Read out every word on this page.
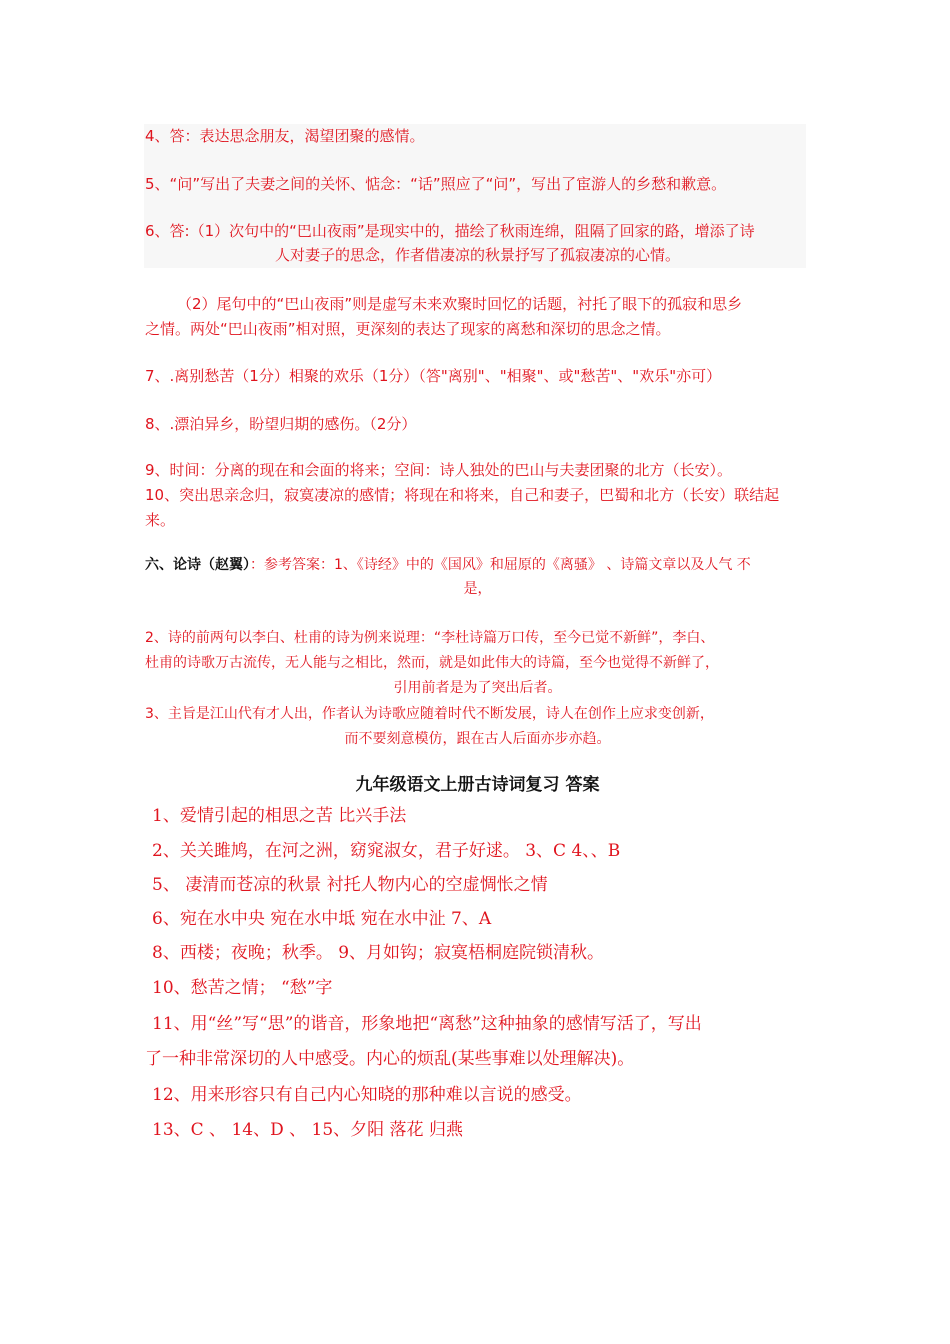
4、答：表达思念朋友，渴望团聚的感情。
5、“问”写出了夫妻之间的关怀、惦念：“话”照应了“问”，写出了宦游人的乡愁和歉意。
6、答:（1）次句中的“巴山夜雨”是现实中的，描绘了秋雨连绵，阻隔了回家的路，增添了诗
人对妻子的思念，作者借凄凉的秋景抒写了孤寂凄凉的心情。
（2）尾句中的“巴山夜雨”则是虚写未来欢聚时回忆的话题，衬托了眼下的孤寂和思乡
之情。两处“巴山夜雨”相对照，更深刻的表达了现家的离愁和深切的思念之情。
7、.离别愁苦（1分）相聚的欢乐（1分）（答"离别"、"相聚"、或"愁苦"、"欢乐"亦可）
8、.漂泊异乡，盼望归期的感伤。（2分）
9、时间：分离的现在和会面的将来；空间：诗人独处的巴山与夫妻团聚的北方（长安）。
10、突出思亲念归，寂寞凄凉的感情；将现在和将来，自己和妻子，巴蜀和北方（长安）联结起
来。
六、论诗（赵翼）：参考答案：1、《诗经》中的《国风》和屈原的《离骚》 、诗篇文章以及人气 不
是，
2、诗的前两句以李白、杜甫的诗为例来说理：“李杜诗篇万口传，至今已觉不新鲜”，李白、
杜甫的诗歌万古流传，无人能与之相比，然而，就是如此伟大的诗篇，至今也觉得不新鲜了，
引用前者是为了突出后者。
3、主旨是江山代有才人出，作者认为诗歌应随着时代不断发展，诗人在创作上应求变创新，
而不要刻意模仿，跟在古人后面亦步亦趋。
九年级语文上册古诗词复习 答案
1、爱情引起的相思之苦 比兴手法
2、关关雎鸠，在河之洲，窈窕淑女，君子好逑。 3、C 4、、B
5、 凄清而苍凉的秋景 衬托人物内心的空虚惆怅之情
6、宛在水中央 宛在水中坻 宛在水中沚 7、A
8、西楼；夜晚；秋季。 9、月如钩；寂寞梧桐庭院锁清秋。
10、愁苦之情； “愁”字
11、用“丝”写“思”的谐音，形象地把“离愁”这种抽象的感情写活了，写出
了一种非常深切的人中感受。内心的烦乱(某些事难以处理解决)。
12、用来形容只有自己内心知晓的那种难以言说的感受。
13、C 、 14、D 、 15、夕阳 落花 归燕
